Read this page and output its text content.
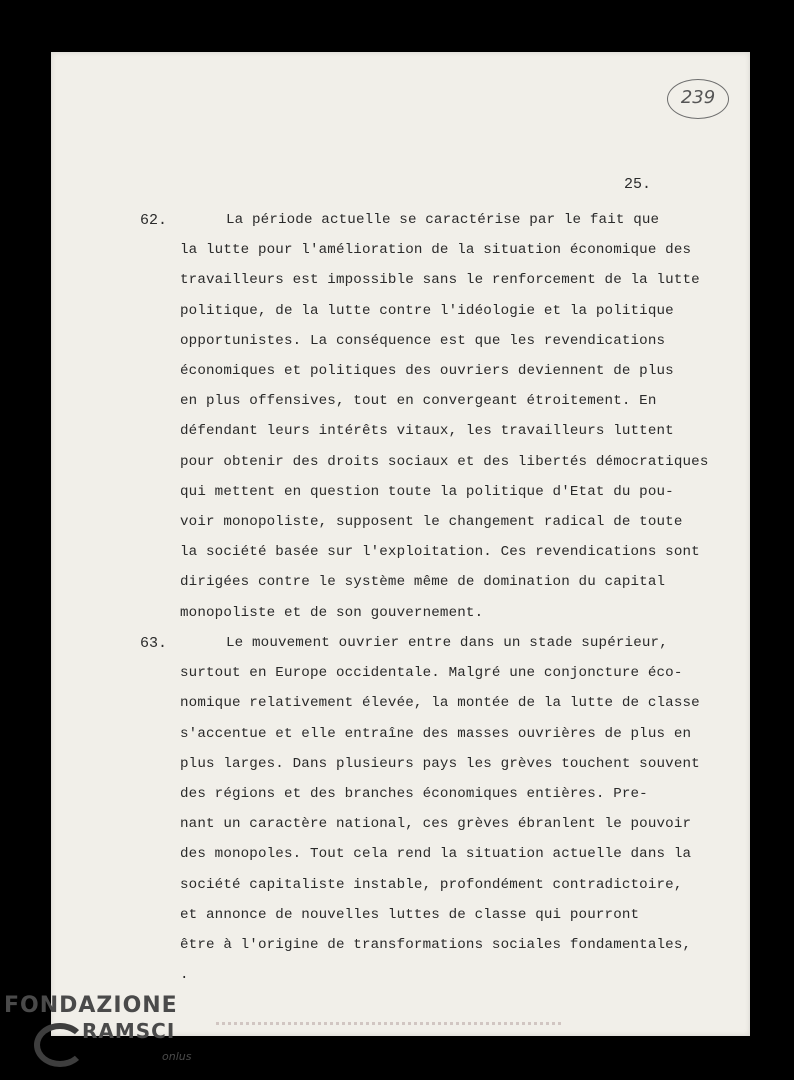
239
25.
62.	La période actuelle se caractérise par le fait que
la lutte pour l'amélioration de la situation économique des
travailleurs est impossible sans le renforcement de la lutte
politique, de la lutte contre l'idéologie et la politique
opportunistes. La conséquence est que les revendications
économiques et politiques des ouvriers deviennent de plus
en plus offensives, tout en convergeant étroitement. En
défendant leurs intérêts vitaux, les travailleurs luttent
pour obtenir des droits sociaux et des libertés démocratiques
qui mettent en question toute la politique d'Etat du pou-
voir monopoliste, supposent le changement radical de toute
la société basée sur l'exploitation. Ces revendications sont
dirigées contre le système même de domination du capital
monopoliste et de son gouvernement.
63.	Le mouvement ouvrier entre dans un stade supérieur,
surtout en Europe occidentale. Malgré une conjoncture éco-
nomique relativement élevée, la montée de la lutte de classe
s'accentue et elle entraîne des masses ouvrières de plus en
plus larges. Dans plusieurs pays les grèves touchent souvent
des régions et des branches économiques entières. Pre-
nant un caractère national, ces grèves ébranlent le pouvoir
des monopoles. Tout cela rend la situation actuelle dans la
société capitaliste instable, profondément contradictoire,
et annonce de nouvelles luttes de classe qui pourront
être à l'origine de transformations sociales fondamentales,
.
FONDAZIONE
RAMSCI
onlus
